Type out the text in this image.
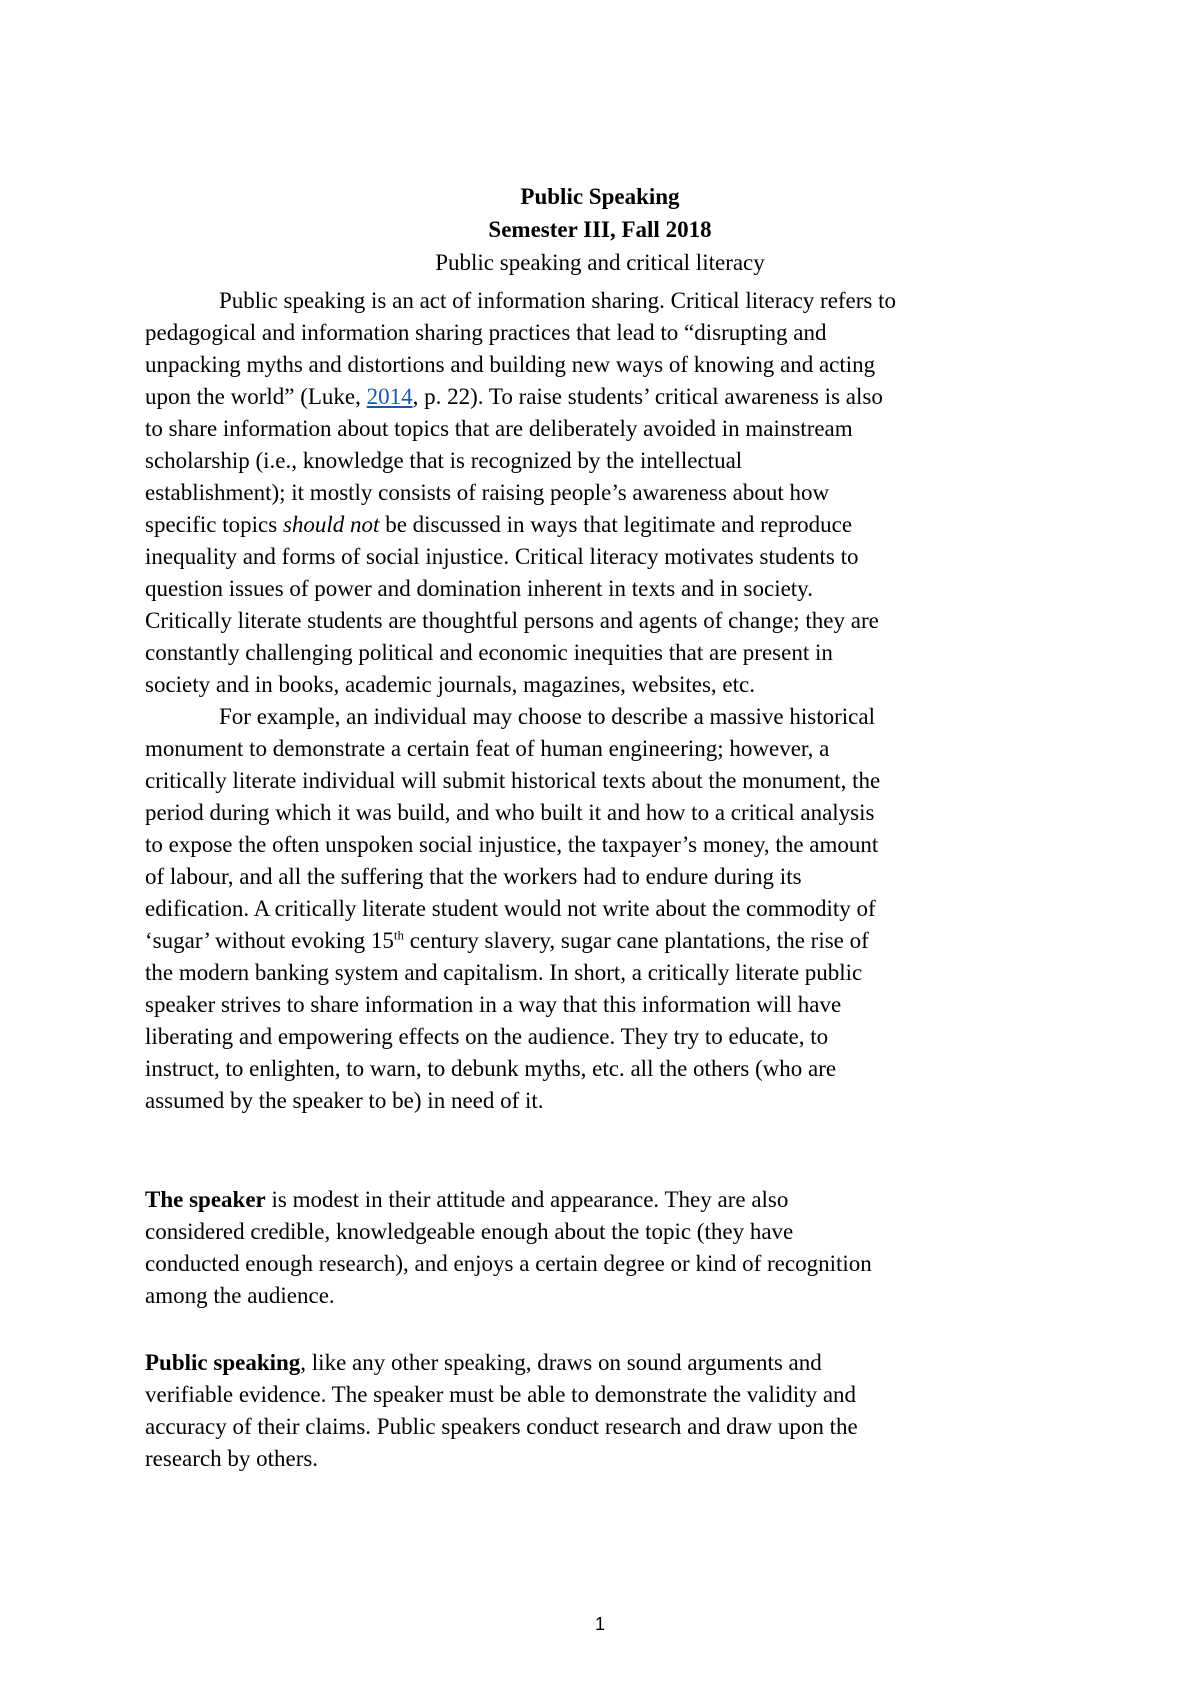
Public Speaking
Semester III, Fall 2018
Public speaking and critical literacy
Public speaking is an act of information sharing. Critical literacy refers to
pedagogical and information sharing practices that lead to “disrupting and
unpacking myths and distortions and building new ways of knowing and acting
upon the world” (Luke, 2014, p. 22). To raise students’ critical awareness is also
to share information about topics that are deliberately avoided in mainstream
scholarship (i.e., knowledge that is recognized by the intellectual
establishment); it mostly consists of raising people’s awareness about how
specific topics should not be discussed in ways that legitimate and reproduce
inequality and forms of social injustice. Critical literacy motivates students to
question issues of power and domination inherent in texts and in society.
Critically literate students are thoughtful persons and agents of change; they are
constantly challenging political and economic inequities that are present in
society and in books, academic journals, magazines, websites, etc.
For example, an individual may choose to describe a massive historical
monument to demonstrate a certain feat of human engineering; however, a
critically literate individual will submit historical texts about the monument, the
period during which it was build, and who built it and how to a critical analysis
to expose the often unspoken social injustice, the taxpayer’s money, the amount
of labour, and all the suffering that the workers had to endure during its
edification. A critically literate student would not write about the commodity of
‘sugar’ without evoking 15th century slavery, sugar cane plantations, the rise of
the modern banking system and capitalism. In short, a critically literate public
speaker strives to share information in a way that this information will have
liberating and empowering effects on the audience. They try to educate, to
instruct, to enlighten, to warn, to debunk myths, etc. all the others (who are
assumed by the speaker to be) in need of it.
The speaker is modest in their attitude and appearance. They are also
considered credible, knowledgeable enough about the topic (they have
conducted enough research), and enjoys a certain degree or kind of recognition
among the audience.
Public speaking, like any other speaking, draws on sound arguments and
verifiable evidence. The speaker must be able to demonstrate the validity and
accuracy of their claims. Public speakers conduct research and draw upon the
research by others.
1
